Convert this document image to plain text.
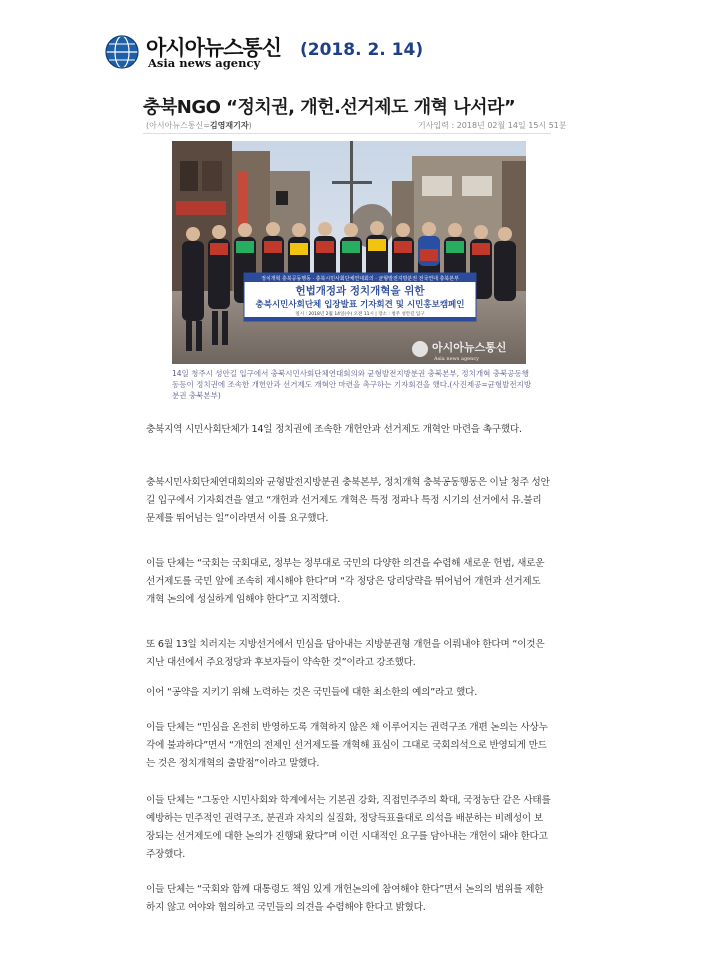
아시아뉴스통신
Asia news agency
(2018. 2. 14)
충북NGO “정치권, 개헌.선거제도 개혁 나서라”
(아시아뉴스통신=김영재기자)	기사입력 : 2018년 02월 14일 15시 51분
정치개혁 충북공동행동 · 충북시민사회단체연대회의 · 균형발전지방분권 전국연대 충북본부
헌법개정과 정치개혁을 위한
충북시민사회단체 입장발표 기자회견 및 시민홍보캠페인
일시 : 2018년 2월 14일(수) 오전 11시 | 장소 : 청주 성안길 입구
아시아뉴스통신
Asia news agency
14일 청주시 성안길 입구에서 충북시민사회단체연대회의와 균형발전지방분권 충북본부, 정치개혁 충북공동행동등이 정치권에 조속한 개헌안과 선거제도 개혁안 마련을 촉구하는 기자회견을 했다.(사진제공=균형발전지방분권 충북본부)

충북지역 시민사회단체가 14일 정치권에 조속한 개헌안과 선거제도 개혁안 마련을 촉구했다.

충북시민사회단체연대회의와 균형발전지방분권 충북본부, 정치개혁 충북공동행동은 이날 청주 성안길 입구에서 기자회견을 열고 “개헌과 선거제도 개혁은 특정 정파나 특정 시기의 선거에서 유.불리 문제를 뛰어넘는 일”이라면서 이를 요구했다.

이들 단체는 “국회는 국회대로, 정부는 정부대로 국민의 다양한 의견을 수렴해 새로운 헌법, 새로운 선거제도를 국민 앞에 조속히 제시해야 한다”며 “각 정당은 당리당략을 뛰어넘어 개헌과 선거제도 개혁 논의에 성실하게 임해야 한다”고 지적했다.

또 6월 13일 치러지는 지방선거에서 민심을 담아내는 지방분권형 개헌을 이뤄내야 한다며 “이것은 지난 대선에서 주요정당과 후보자들이 약속한 것”이라고 강조했다.

이어 “공약을 지키기 위해 노력하는 것은 국민들에 대한 최소한의 예의”라고 했다.

이들 단체는 “민심을 온전히 반영하도록 개혁하지 않은 채 이루어지는 권력구조 개편 논의는 사상누각에 불과하다”면서 “개헌의 전제인 선거제도를 개혁해 표심이 그대로 국회의석으로 반영되게 만드는 것은 정치개혁의 출발점”이라고 말했다.

이들 단체는 “그동안 시민사회와 학계에서는 기본권 강화, 직접민주주의 확대, 국정농단 같은 사태를 예방하는 민주적인 권력구조, 분권과 자치의 실질화, 정당득표율대로 의석을 배분하는 비례성이 보장되는 선거제도에 대한 논의가 진행돼 왔다”며 이런 시대적인 요구를 담아내는 개헌이 돼야 한다고 주장했다.

이들 단체는 “국회와 함께 대통령도 책임 있게 개헌논의에 참여해야 한다”면서 논의의 범위를 제한하지 않고 여야와 협의하고 국민들의 의견을 수렴해야 한다고 밝혔다.
